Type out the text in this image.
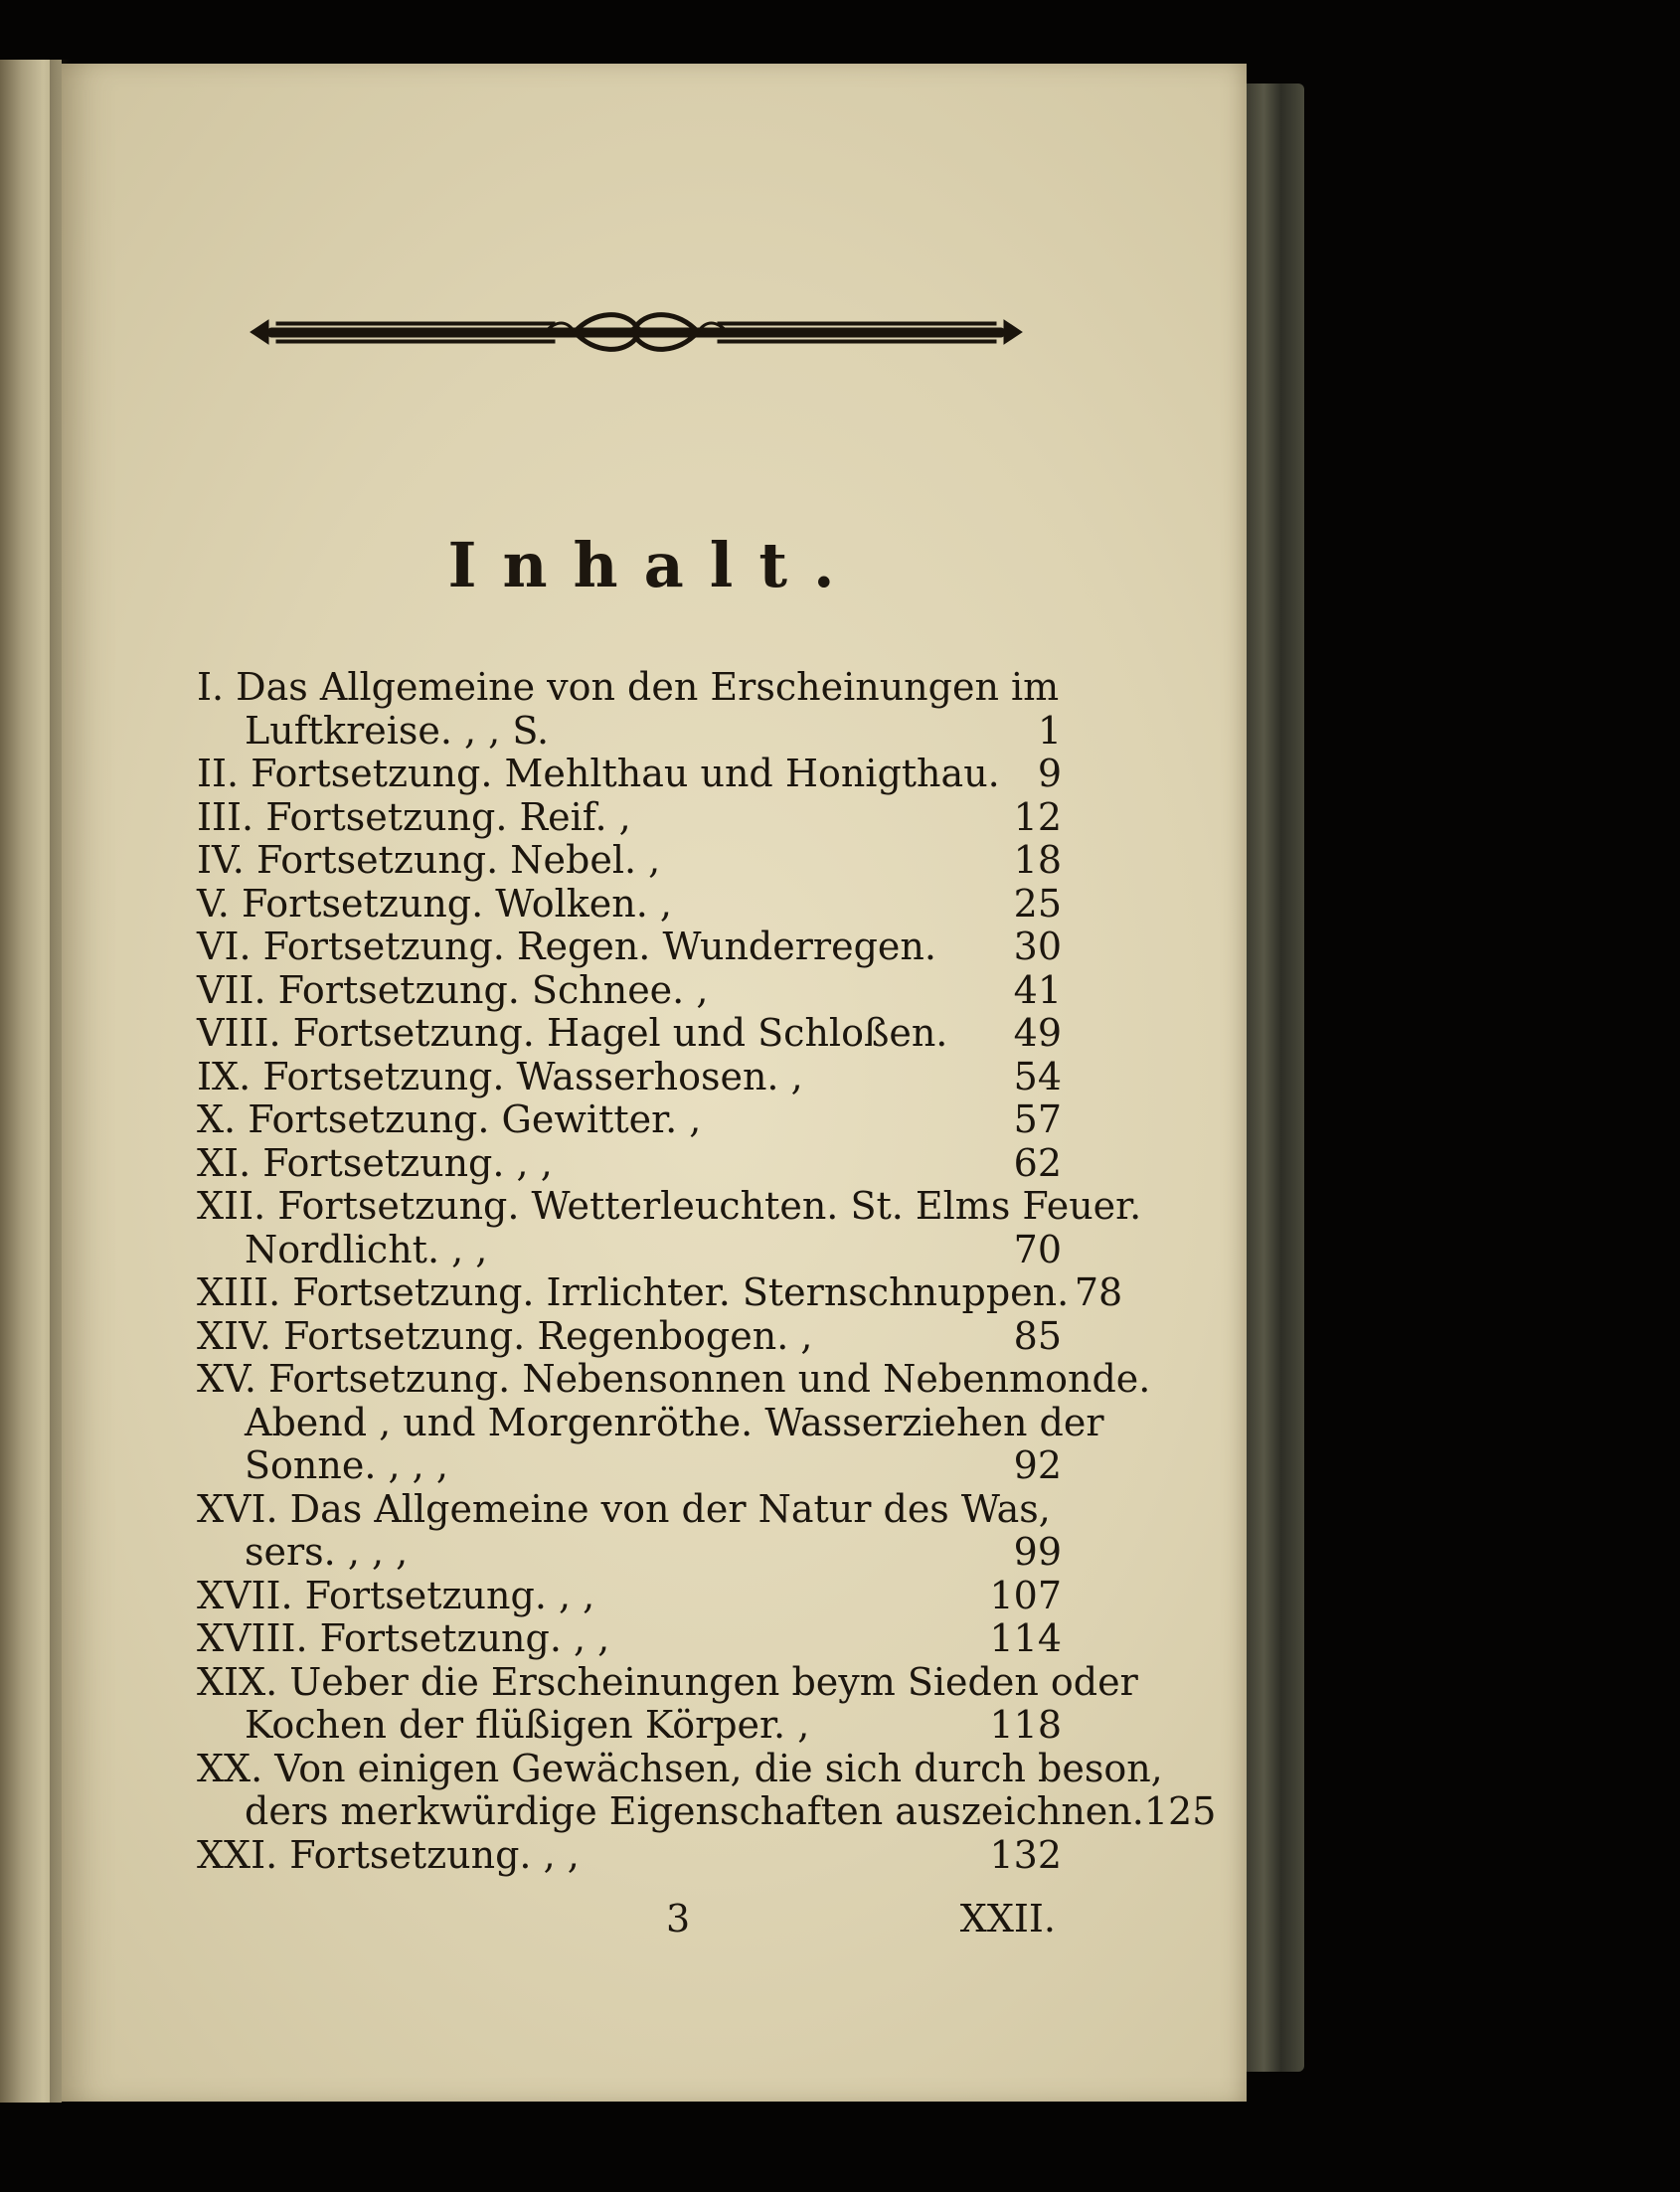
Inhalt.
I. Das Allgemeine von den Erscheinungen im
Luftkreise. , , S.	1
II. Fortsetzung. Mehlthau und Honigthau.	9
III. Fortsetzung. Reif. ,	12
IV. Fortsetzung. Nebel. ,	18
V. Fortsetzung. Wolken. ,	25
VI. Fortsetzung. Regen. Wunderregen.	30
VII. Fortsetzung. Schnee. ,	41
VIII. Fortsetzung. Hagel und Schloßen.	49
IX. Fortsetzung. Wasserhosen. ,	54
X. Fortsetzung. Gewitter. ,	57
XI. Fortsetzung. , ,	62
XII. Fortsetzung. Wetterleuchten. St. Elms Feuer.
Nordlicht. , ,	70
XIII. Fortsetzung. Irrlichter. Sternschnuppen. 78
XIV. Fortsetzung. Regenbogen. ,	85
XV. Fortsetzung. Nebensonnen und Nebenmonde.
Abend , und Morgenröthe. Wasserziehen der
Sonne. , , ,	92
XVI. Das Allgemeine von der Natur des Was,
sers. , , ,	99
XVII. Fortsetzung. , ,	107
XVIII. Fortsetzung. , ,	114
XIX. Ueber die Erscheinungen beym Sieden oder
Kochen der flüßigen Körper. ,	118
XX. Von einigen Gewächsen, die sich durch beson,
ders merkwürdige Eigenschaften auszeichnen. 125
XXI. Fortsetzung. , ,	132
3	XXII.
